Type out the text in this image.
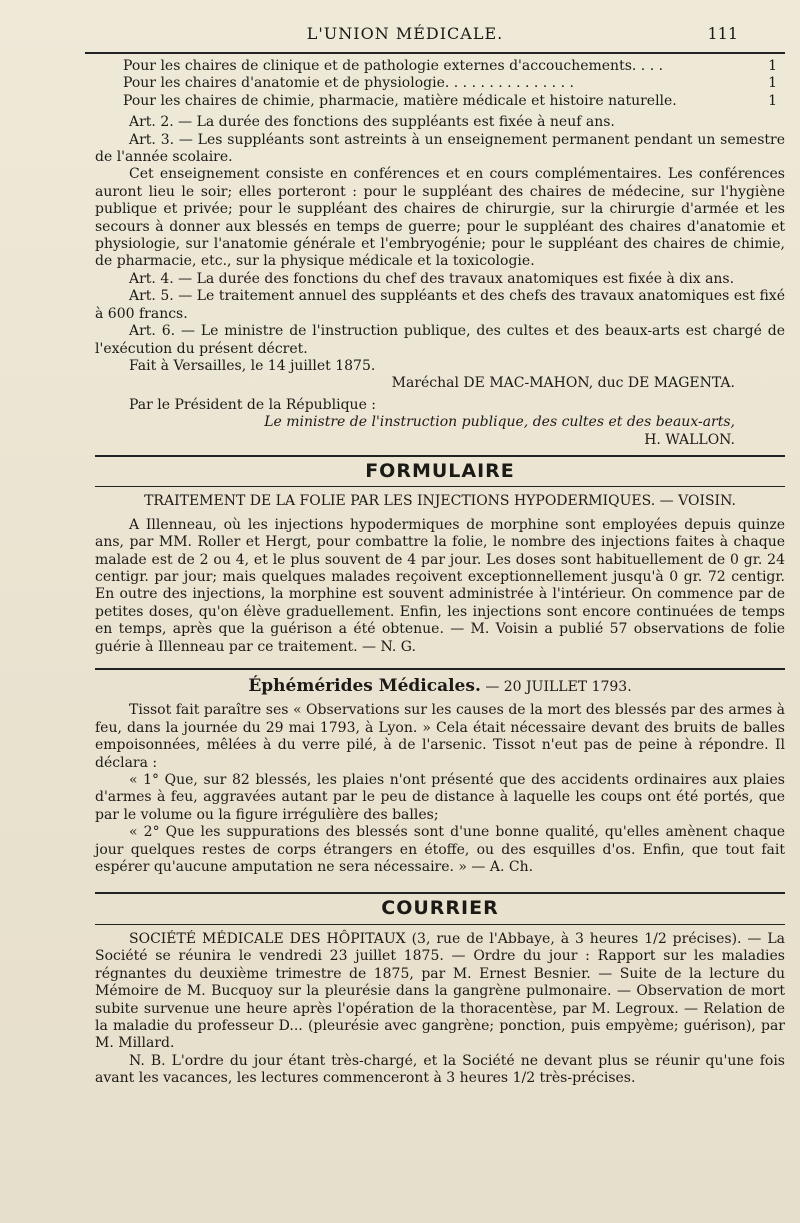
L'UNION MÉDICALE.	111
Pour les chaires de clinique et de pathologie externes d'accouchements. . . .	1
Pour les chaires d'anatomie et de physiologie. . . . . . . . . . . . . . .	1
Pour les chaires de chimie, pharmacie, matière médicale et histoire naturelle.	1

Art. 2. — La durée des fonctions des suppléants est fixée à neuf ans.

Art. 3. — Les suppléants sont astreints à un enseignement permanent pendant un semestre de l'année scolaire.

Cet enseignement consiste en conférences et en cours complémentaires. Les conférences auront lieu le soir; elles porteront : pour le suppléant des chaires de médecine, sur l'hygiène publique et privée; pour le suppléant des chaires de chirurgie, sur la chirurgie d'armée et les secours à donner aux blessés en temps de guerre; pour le suppléant des chaires d'anatomie et physiologie, sur l'anatomie générale et l'embryogénie; pour le suppléant des chaires de chimie, de pharmacie, etc., sur la physique médicale et la toxicologie.

Art. 4. — La durée des fonctions du chef des travaux anatomiques est fixée à dix ans.

Art. 5. — Le traitement annuel des suppléants et des chefs des travaux anatomiques est fixé à 600 francs.

Art. 6. — Le ministre de l'instruction publique, des cultes et des beaux-arts est chargé de l'exécution du présent décret.

Fait à Versailles, le 14 juillet 1875.

Maréchal DE MAC-MAHON, duc DE MAGENTA.

Par le Président de la République :

Le ministre de l'instruction publique, des cultes et des beaux-arts,

H. WALLON.

FORMULAIRE
TRAITEMENT DE LA FOLIE PAR LES INJECTIONS HYPODERMIQUES. — VOISIN.

A Illenneau, où les injections hypodermiques de morphine sont employées depuis quinze ans, par MM. Roller et Hergt, pour combattre la folie, le nombre des injections faites à chaque malade est de 2 ou 4, et le plus souvent de 4 par jour. Les doses sont habituellement de 0 gr. 24 centigr. par jour; mais quelques malades reçoivent exceptionnellement jusqu'à 0 gr. 72 centigr. En outre des injections, la morphine est souvent administrée à l'intérieur. On commence par de petites doses, qu'on élève graduellement. Enfin, les injections sont encore continuées de temps en temps, après que la guérison a été obtenue. — M. Voisin a publié 57 observations de folie guérie à Illenneau par ce traitement. — N. G.

Éphémérides Médicales. — 20 JUILLET 1793.

Tissot fait paraître ses « Observations sur les causes de la mort des blessés par des armes à feu, dans la journée du 29 mai 1793, à Lyon. » Cela était nécessaire devant des bruits de balles empoisonnées, mêlées à du verre pilé, à de l'arsenic. Tissot n'eut pas de peine à répondre. Il déclara :

« 1° Que, sur 82 blessés, les plaies n'ont présenté que des accidents ordinaires aux plaies d'armes à feu, aggravées autant par le peu de distance à laquelle les coups ont été portés, que par le volume ou la figure irrégulière des balles;

« 2° Que les suppurations des blessés sont d'une bonne qualité, qu'elles amènent chaque jour quelques restes de corps étrangers en étoffe, ou des esquilles d'os. Enfin, que tout fait espérer qu'aucune amputation ne sera nécessaire. » — A. Ch.

COURRIER

SOCIÉTÉ MÉDICALE DES HÔPITAUX (3, rue de l'Abbaye, à 3 heures 1/2 précises). — La Société se réunira le vendredi 23 juillet 1875. — Ordre du jour : Rapport sur les maladies régnantes du deuxième trimestre de 1875, par M. Ernest Besnier. — Suite de la lecture du Mémoire de M. Bucquoy sur la pleurésie dans la gangrène pulmonaire. — Observation de mort subite survenue une heure après l'opération de la thoracentèse, par M. Legroux. — Relation de la maladie du professeur D... (pleurésie avec gangrène; ponction, puis empyème; guérison), par M. Millard.

N. B. L'ordre du jour étant très-chargé, et la Société ne devant plus se réunir qu'une fois avant les vacances, les lectures commenceront à 3 heures 1/2 très-précises.
